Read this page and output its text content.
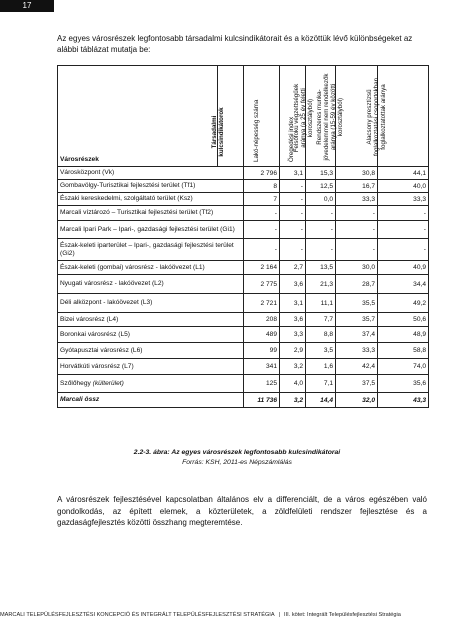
17
Az egyes városrészek legfontosabb társadalmi kulcsindikátorait és a közöttük lévő különbségeket az alábbi táblázat mutatja be:
Városrészek	Társadalmi kulcsindikátorok	Lakó-népesség száma	Öregedési index	Felsőfokú végzettségűek aránya (a 25 év feletti korosztályból)	Rendszeres munka-jövedelemmel nem rendelkezők aránya (15-59 év közötti korosztályból)	Alacsony presztízsű foglalkoztatási csoportokban foglalkoztatottak aránya

Városközpont (Vk)		2 796	3,1	15,3	30,8	44,1
Gombavölgy-Turisztikai fejlesztési terület (Tf1)		8	-	12,5	16,7	40,0
Északi kereskedelmi, szolgáltató terület (Ksz)		7	-	0,0	33,3	33,3
Marcali víztározó – Turisztikai fejlesztési terület (Tf2)		-	-	-	-	-
Marcali Ipari Park – Ipari-, gazdasági fejlesztési terület (Gi1)		-	-	-	-	-
Észak-keleti iparterület – Ipari-, gazdasági fejlesztési terület (Gi2)		-	-	-	-	-
Észak-keleti (gombai) városrész - lakóövezet (L1)		2 164	2,7	13,5	30,0	40,9
Nyugati városrész - lakóövezet (L2)		2 775	3,6	21,3	28,7	34,4
Déli alközpont - lakóövezet (L3)		2 721	3,1	11,1	35,5	49,2
Bizei városrész (L4)		208	3,6	7,7	35,7	50,6
Boronkai városrész (L5)		489	3,3	8,8	37,4	48,9
Gyótapusztai városrész (L6)		99	2,9	3,5	33,3	58,8
Horvátkúti városrész (L7)		341	3,2	1,6	42,4	74,0
Szőlőhegy (külterület)		125	4,0	7,1	37,5	35,6
Marcali össz		11 736	3,2	14,4	32,0	43,3
2.2-3. ábra: Az egyes városrészek legfontosabb kulcsindikátorai
Forrás: KSH, 2011-es Népszámlálás
A városrészek fejlesztésével kapcsolatban általános elv a differenciált, de a város egészében való gondolkodás, az épített elemek, a közterületek, a zöldfelületi rendszer fejlesztése és a gazdaságfejlesztés közötti összhang megteremtése.
MARCALI TELEPÜLÉSFEJLESZTÉSI KONCEPCIÓ ÉS INTEGRÁLT TELEPÜLÉSFEJLESZTÉSI STRATÉGIA | III. kötet: Integrált Településfejlesztési Stratégia
